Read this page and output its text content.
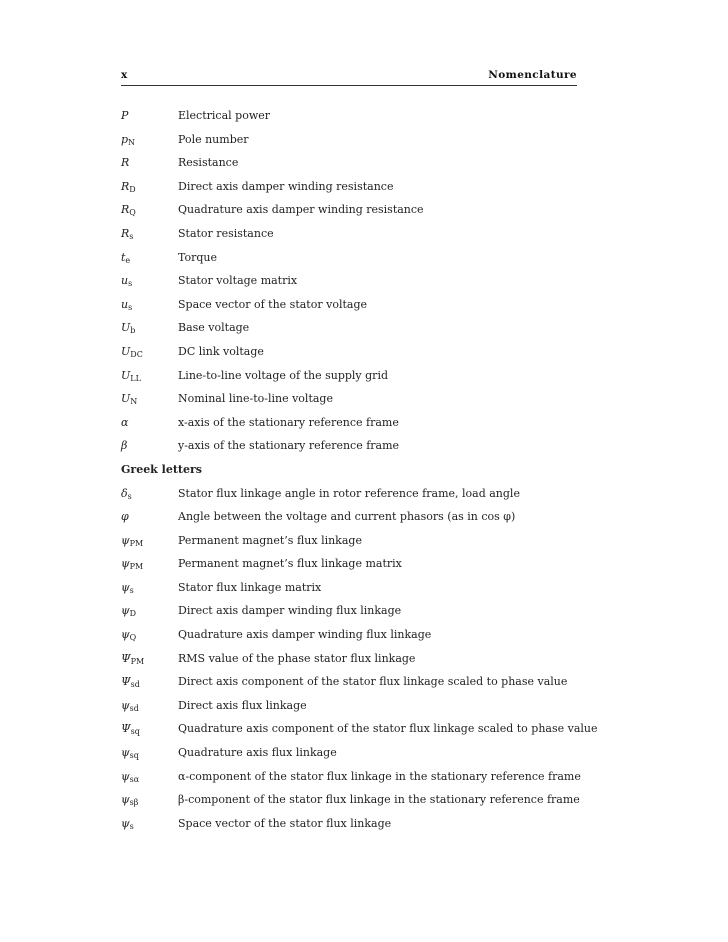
x	Nomenclature
P	Electrical power
$p_N$	Pole number
R	Resistance
$R_D$	Direct axis damper winding resistance
$R_Q$	Quadrature axis damper winding resistance
$R_s$	Stator resistance
$t_e$	Torque
$u_s$	Stator voltage matrix
$u_s$	Space vector of the stator voltage
$U_b$	Base voltage
$U_{DC}$	DC link voltage
$U_{LL}$	Line-to-line voltage of the supply grid
$U_N$	Nominal line-to-line voltage
α	x-axis of the stationary reference frame
β	y-axis of the stationary reference frame
Greek letters
$\delta_s$	Stator flux linkage angle in rotor reference frame, load angle
φ	Angle between the voltage and current phasors (as in cos φ)
$\psi_{PM}$	Permanent magnet’s flux linkage
$\psi_{PM}$	Permanent magnet’s flux linkage matrix
$\psi_s$	Stator flux linkage matrix
$\psi_D$	Direct axis damper winding flux linkage
$\psi_Q$	Quadrature axis damper winding flux linkage
$\Psi_{PM}$	RMS value of the phase stator flux linkage
$\Psi_{sd}$	Direct axis component of the stator flux linkage scaled to phase value
$\psi_{sd}$	Direct axis flux linkage
$\Psi_{sq}$	Quadrature axis component of the stator flux linkage scaled to phase value
$\psi_{sq}$	Quadrature axis flux linkage
$\psi_{s\alpha}$	α-component of the stator flux linkage in the stationary reference frame
$\psi_{s\beta}$	β-component of the stator flux linkage in the stationary reference frame
$\psi_s$	Space vector of the stator flux linkage
